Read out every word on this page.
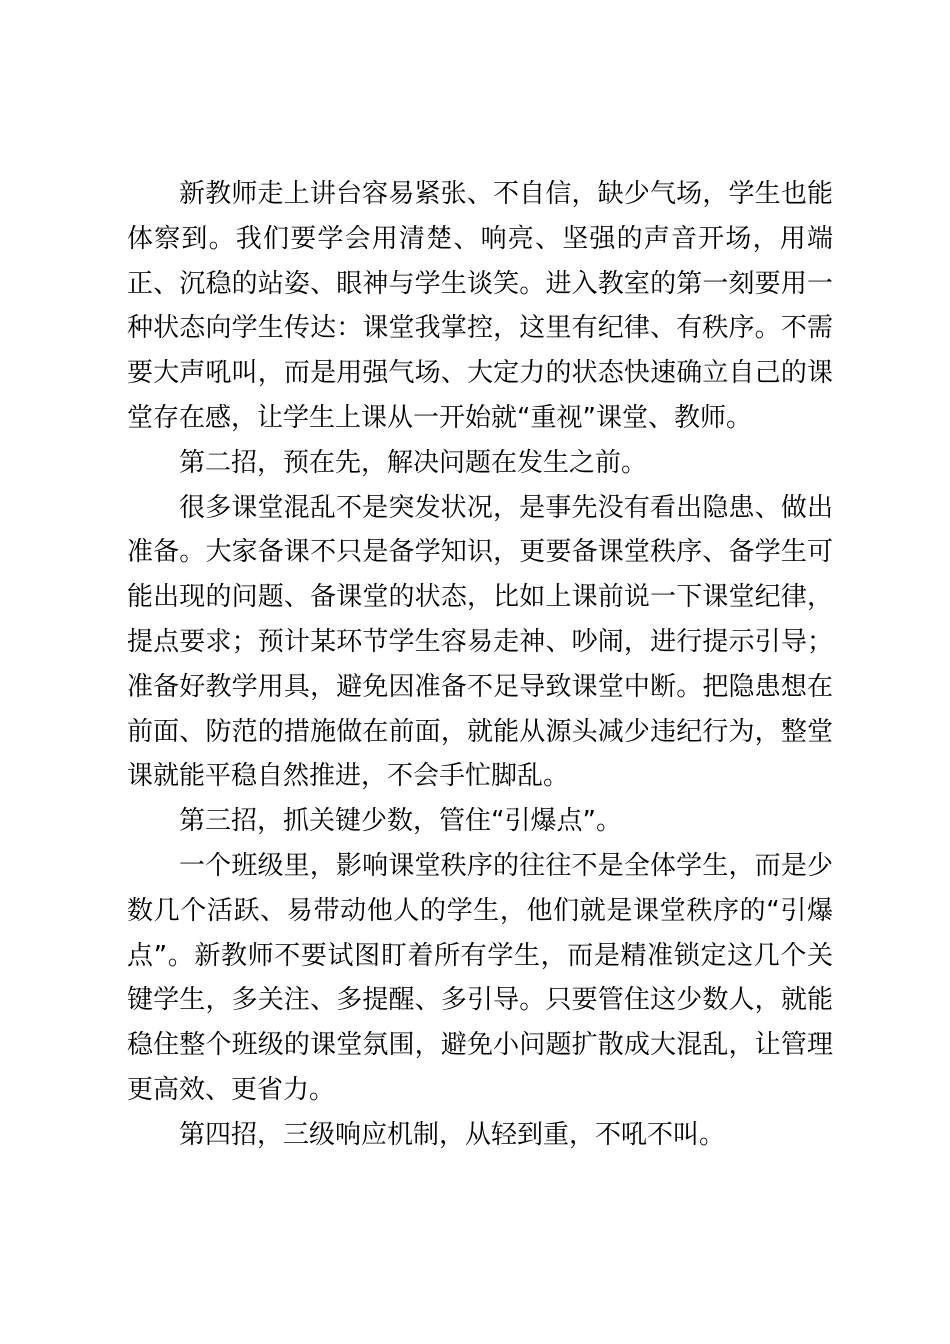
新教师走上讲台容易紧张、不自信，缺少气场，学生也能体察到。我们要学会用清楚、响亮、坚强的声音开场，用端正、沉稳的站姿、眼神与学生谈笑。进入教室的第一刻要用一种状态向学生传达：课堂我掌控，这里有纪律、有秩序。不需要大声吼叫，而是用强气场、大定力的状态快速确立自己的课堂存在感，让学生上课从一开始就“重视”课堂、教师。

第二招，预在先，解决问题在发生之前。

很多课堂混乱不是突发状况，是事先没有看出隐患、做出准备。大家备课不只是备学知识，更要备课堂秩序、备学生可能出现的问题、备课堂的状态，比如上课前说一下课堂纪律，提点要求；预计某环节学生容易走神、吵闹，进行提示引导；准备好教学用具，避免因准备不足导致课堂中断。把隐患想在前面、防范的措施做在前面，就能从源头减少违纪行为，整堂课就能平稳自然推进，不会手忙脚乱。

第三招，抓关键少数，管住“引爆点”。

一个班级里，影响课堂秩序的往往不是全体学生，而是少数几个活跃、易带动他人的学生，他们就是课堂秩序的“引爆点”。新教师不要试图盯着所有学生，而是精准锁定这几个关键学生，多关注、多提醒、多引导。只要管住这少数人，就能稳住整个班级的课堂氛围，避免小问题扩散成大混乱，让管理更高效、更省力。

第四招，三级响应机制，从轻到重，不吼不叫。
